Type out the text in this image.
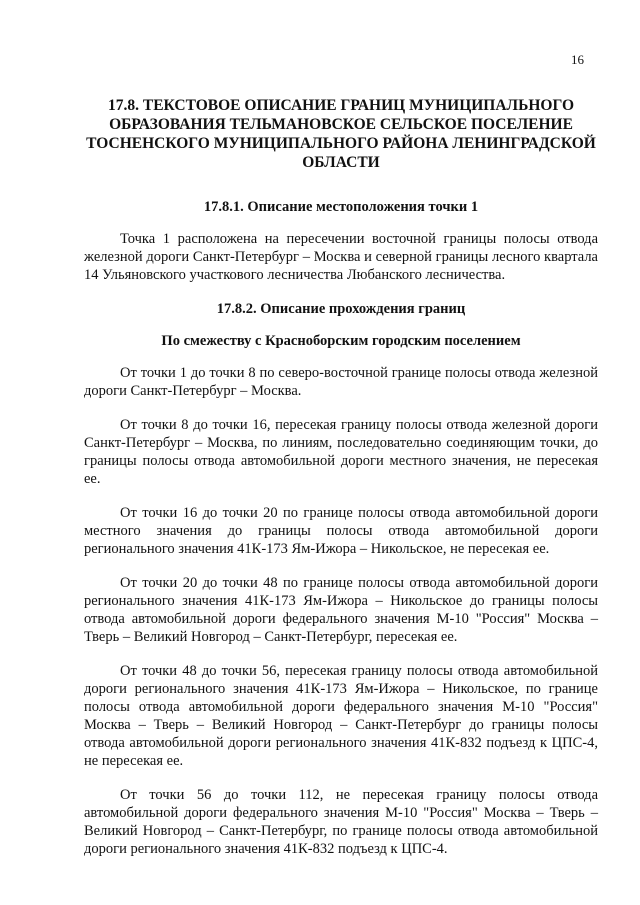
16
17.8. ТЕКСТОВОЕ ОПИСАНИЕ ГРАНИЦ МУНИЦИПАЛЬНОГО ОБРАЗОВАНИЯ ТЕЛЬМАНОВСКОЕ СЕЛЬСКОЕ ПОСЕЛЕНИЕ ТОСНЕНСКОГО МУНИЦИПАЛЬНОГО РАЙОНА ЛЕНИНГРАДСКОЙ ОБЛАСТИ
17.8.1. Описание местоположения точки 1

Точка 1 расположена на пересечении восточной границы полосы отвода железной дороги Санкт-Петербург – Москва и северной границы лесного квартала 14 Ульяновского участкового лесничества Любанского лесничества.

17.8.2. Описание прохождения границ
По смежеству с Красноборским городским поселением

От точки 1 до точки 8 по северо-восточной границе полосы отвода железной дороги Санкт-Петербург – Москва.

От точки 8 до точки 16, пересекая границу полосы отвода железной дороги Санкт-Петербург – Москва, по линиям, последовательно соединяющим точки, до границы полосы отвода автомобильной дороги местного значения, не пересекая ее.

От точки 16 до точки 20 по границе полосы отвода автомобильной дороги местного значения до границы полосы отвода автомобильной дороги регионального значения 41К-173 Ям-Ижора – Никольское, не пересекая ее.

От точки 20 до точки 48 по границе полосы отвода автомобильной дороги регионального значения 41К-173 Ям-Ижора – Никольское до границы полосы отвода автомобильной дороги федерального значения М-10 "Россия" Москва – Тверь – Великий Новгород – Санкт-Петербург, пересекая ее.

От точки 48 до точки 56, пересекая границу полосы отвода автомобильной дороги регионального значения 41К-173 Ям-Ижора – Никольское, по границе полосы отвода автомобильной дороги федерального значения М-10 "Россия" Москва – Тверь – Великий Новгород – Санкт-Петербург до границы полосы отвода автомобильной дороги регионального значения 41К-832 подъезд к ЦПС-4, не пересекая ее.

От точки 56 до точки 112, не пересекая границу полосы отвода автомобильной дороги федерального значения М-10 "Россия" Москва – Тверь – Великий Новгород – Санкт-Петербург, по границе полосы отвода автомобильной дороги регионального значения 41К-832 подъезд к ЦПС-4.
